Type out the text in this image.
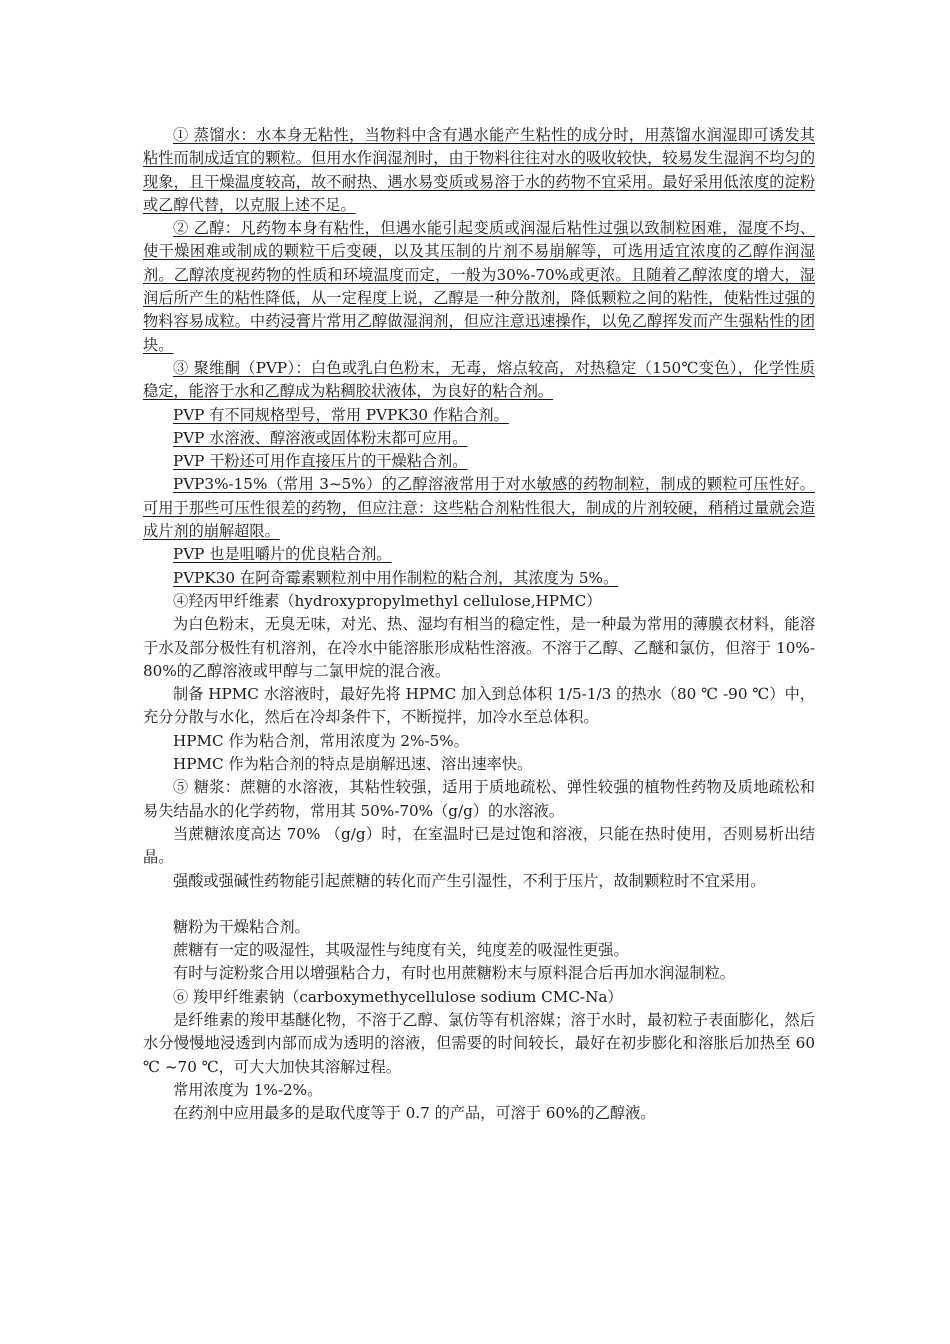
① 蒸馏水：水本身无粘性，当物料中含有遇水能产生粘性的成分时，用蒸馏水润湿即可诱发其粘性而制成适宜的颗粒。但用水作润湿剂时，由于物料往往对水的吸收较快，较易发生湿润不均匀的现象，且干燥温度较高，故不耐热、遇水易变质或易溶于水的药物不宜采用。最好采用低浓度的淀粉或乙醇代替，以克服上述不足。

② 乙醇：凡药物本身有粘性，但遇水能引起变质或润湿后粘性过强以致制粒困难，湿度不均、使干燥困难或制成的颗粒干后变硬，以及其压制的片剂不易崩解等，可选用适宜浓度的乙醇作润湿剂。乙醇浓度视药物的性质和环境温度而定，一般为30%-70%或更浓。且随着乙醇浓度的增大，湿润后所产生的粘性降低，从一定程度上说，乙醇是一种分散剂，降低颗粒之间的粘性，使粘性过强的物料容易成粒。中药浸膏片常用乙醇做湿润剂，但应注意迅速操作，以免乙醇挥发而产生强粘性的团块。

③ 聚维酮（PVP）：白色或乳白色粉末，无毒，熔点较高，对热稳定（150℃变色），化学性质稳定，能溶于水和乙醇成为粘稠胶状液体，为良好的粘合剂。

PVP 有不同规格型号，常用 PVPK30 作粘合剂。

PVP 水溶液、醇溶液或固体粉末都可应用。

PVP 干粉还可用作直接压片的干燥粘合剂。

PVP3%-15%（常用 3~5%）的乙醇溶液常用于对水敏感的药物制粒，制成的颗粒可压性好。可用于那些可压性很差的药物，但应注意：这些粘合剂粘性很大，制成的片剂较硬，稍稍过量就会造成片剂的崩解超限。

PVP 也是咀嚼片的优良粘合剂。

PVPK30 在阿奇霉素颗粒剂中用作制粒的粘合剂，其浓度为 5%。

④羟丙甲纤维素（hydroxypropylmethyl cellulose,HPMC）

为白色粉末，无臭无味，对光、热、湿均有相当的稳定性，是一种最为常用的薄膜衣材料，能溶于水及部分极性有机溶剂，在冷水中能溶胀形成粘性溶液。不溶于乙醇、乙醚和氯仿，但溶于 10%-80%的乙醇溶液或甲醇与二氯甲烷的混合液。

制备 HPMC 水溶液时，最好先将 HPMC 加入到总体积 1/5-1/3 的热水（80 ℃ -90 ℃）中，充分分散与水化，然后在冷却条件下，不断搅拌，加冷水至总体积。

HPMC 作为粘合剂，常用浓度为 2%-5%。

HPMC 作为粘合剂的特点是崩解迅速、溶出速率快。

⑤ 糖浆：蔗糖的水溶液，其粘性较强，适用于质地疏松、弹性较强的植物性药物及质地疏松和易失结晶水的化学药物，常用其 50%-70%（g/g）的水溶液。

当蔗糖浓度高达 70% （g/g）时，在室温时已是过饱和溶液，只能在热时使用，否则易析出结晶。

强酸或强碱性药物能引起蔗糖的转化而产生引湿性，不利于压片，故制颗粒时不宜采用。

糖粉为干燥粘合剂。

蔗糖有一定的吸湿性，其吸湿性与纯度有关，纯度差的吸湿性更强。

有时与淀粉浆合用以增强粘合力，有时也用蔗糖粉末与原料混合后再加水润湿制粒。

⑥ 羧甲纤维素钠（carboxymethycellulose sodium CMC-Na）

是纤维素的羧甲基醚化物，不溶于乙醇、氯仿等有机溶媒；溶于水时，最初粒子表面膨化，然后水分慢慢地浸透到内部而成为透明的溶液，但需要的时间较长，最好在初步膨化和溶胀后加热至 60 ℃ ~70 ℃，可大大加快其溶解过程。

常用浓度为 1%-2%。

在药剂中应用最多的是取代度等于 0.7 的产品，可溶于 60%的乙醇液。
